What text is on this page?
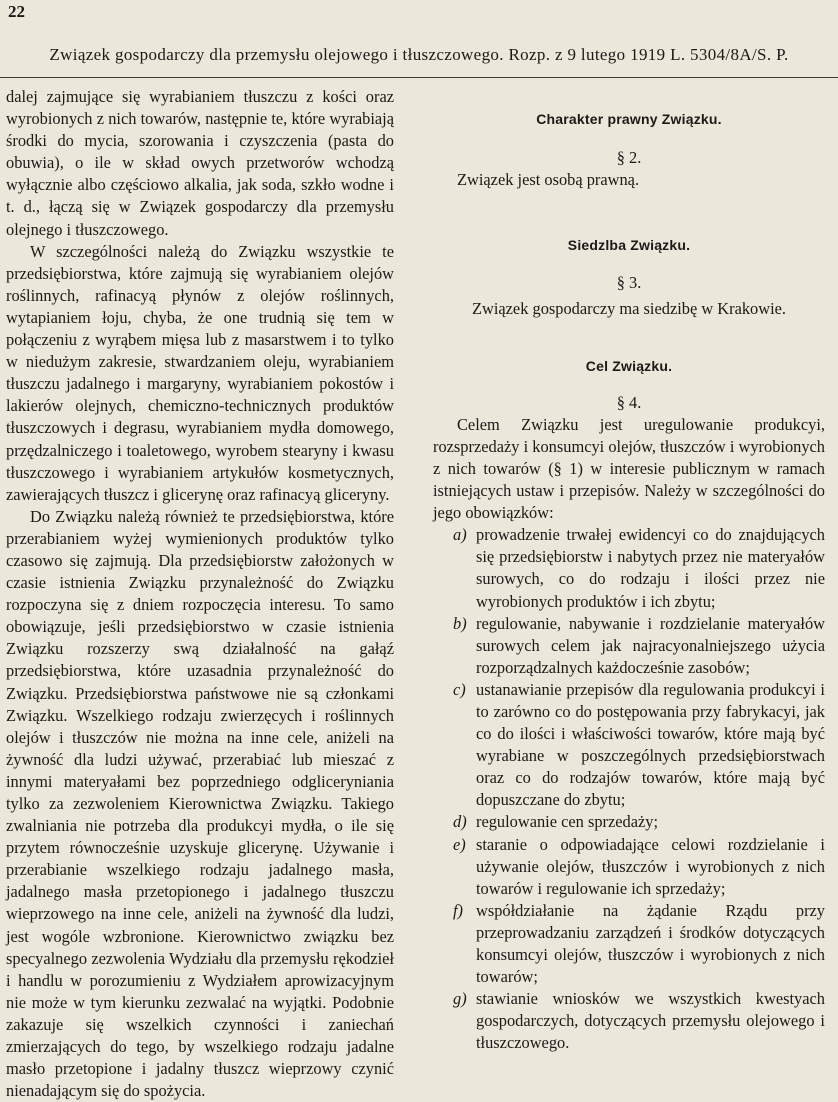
22
Związek gospodarczy dla przemysłu olejowego i tłuszczowego. Rozp. z 9 lutego 1919 L. 5304/8A/S. P.

dalej zajmujące się wyrabianiem tłuszczu z kości oraz wyrobionych z nich towarów, następnie te, które wyrabiają środki do mycia, szorowania i czyszczenia (pasta do obuwia), o ile w skład owych przetworów wchodzą wyłącznie albo częściowo alkalia, jak soda, szkło wodne i t. d., łączą się w Związek gospodarczy dla przemysłu olejnego i tłuszczowego.

W szczególności należą do Związku wszystkie te przedsiębiorstwa, które zajmują się wyrabianiem olejów roślinnych, rafinacyą płynów z olejów roślinnych, wytapianiem łoju, chyba, że one trudnią się tem w połączeniu z wyrąbem mięsa lub z masarstwem i to tylko w niedużym zakresie, stwardzaniem oleju, wyrabianiem tłuszczu jadalnego i margaryny, wyrabianiem pokostów i lakierów olejnych, chemiczno-technicznych produktów tłuszczowych i degrasu, wyrabianiem mydła domowego, przędzalniczego i toaletowego, wyrobem stearyny i kwasu tłuszczowego i wyrabianiem artykułów kosmetycznych, zawierających tłuszcz i glicerynę oraz rafinacyą gliceryny.

Do Związku należą również te przedsiębiorstwa, które przerabianiem wyżej wymienionych produktów tylko czasowo się zajmują. Dla przedsiębiorstw założonych w czasie istnienia Związku przynależność do Związku rozpoczyna się z dniem rozpoczęcia interesu. To samo obowiązuje, jeśli przedsiębiorstwo w czasie istnienia Związku rozszerzy swą działalność na gałąź przedsiębiorstwa, które uzasadnia przynależność do Związku. Przedsiębiorstwa państwowe nie są członkami Związku. Wszelkiego rodzaju zwierzęcych i roślinnych olejów i tłuszczów nie można na inne cele, aniżeli na żywność dla ludzi używać, przerabiać lub mieszać z innymi materyałami bez poprzedniego odgliceryniania tylko za zezwoleniem Kierownictwa Związku. Takiego zwalniania nie potrzeba dla produkcyi mydła, o ile się przytem równocześnie uzyskuje glicerynę. Używanie i przerabianie wszelkiego rodzaju jadalnego masła, jadalnego masła przetopionego i jadalnego tłuszczu wieprzowego na inne cele, aniżeli na żywność dla ludzi, jest wogóle wzbronione. Kierownictwo związku bez specyalnego zezwolenia Wydziału dla przemysłu rękodzieł i handlu w porozumieniu z Wydziałem aprowizacyjnym nie może w tym kierunku zezwalać na wyjątki. Podobnie zakazuje się wszelkich czynności i zaniechań zmierzających do tego, by wszelkiego rodzaju jadalne masło przetopione i jadalny tłuszcz wieprzowy czynić nienadającym się do spożycia.

Charakter prawny Związku.

§ 2.

Związek jest osobą prawną.

Siedzlba Związku.

§ 3.

Związek gospodarczy ma siedzibę w Krakowie.

Cel Związku.

§ 4.

Celem Związku jest uregulowanie produkcyi, rozsprzedaży i konsumcyi olejów, tłuszczów i wyrobionych z nich towarów (§ 1) w interesie publicznym w ramach istniejących ustaw i przepisów. Należy w szczególności do jego obowiązków:

a) prowadzenie trwałej ewidencyi co do znajdujących się przedsiębiorstw i nabytych przez nie materyałów surowych, co do rodzaju i ilości przez nie wyrobionych produktów i ich zbytu;
b) regulowanie, nabywanie i rozdzielanie materyałów surowych celem jak najracyonalniejszego użycia rozporządzalnych każdocześnie zasobów;
c) ustanawianie przepisów dla regulowania produkcyi i to zarówno co do postępowania przy fabrykacyi, jak co do ilości i właściwości towarów, które mają być wyrabiane w poszczególnych przedsiębiorstwach oraz co do rodzajów towarów, które mają być dopuszczane do zbytu;
d) regulowanie cen sprzedaży;
e) staranie o odpowiadające celowi rozdzielanie i używanie olejów, tłuszczów i wyrobionych z nich towarów i regulowanie ich sprzedaży;
f) współdziałanie na żądanie Rządu przy przeprowadzaniu zarządzeń i środków dotyczących konsumcyi olejów, tłuszczów i wyrobionych z nich towarów;
g) stawianie wniosków we wszystkich kwestyach gospodarczych, dotyczących przemysłu olejowego i tłuszczowego.
